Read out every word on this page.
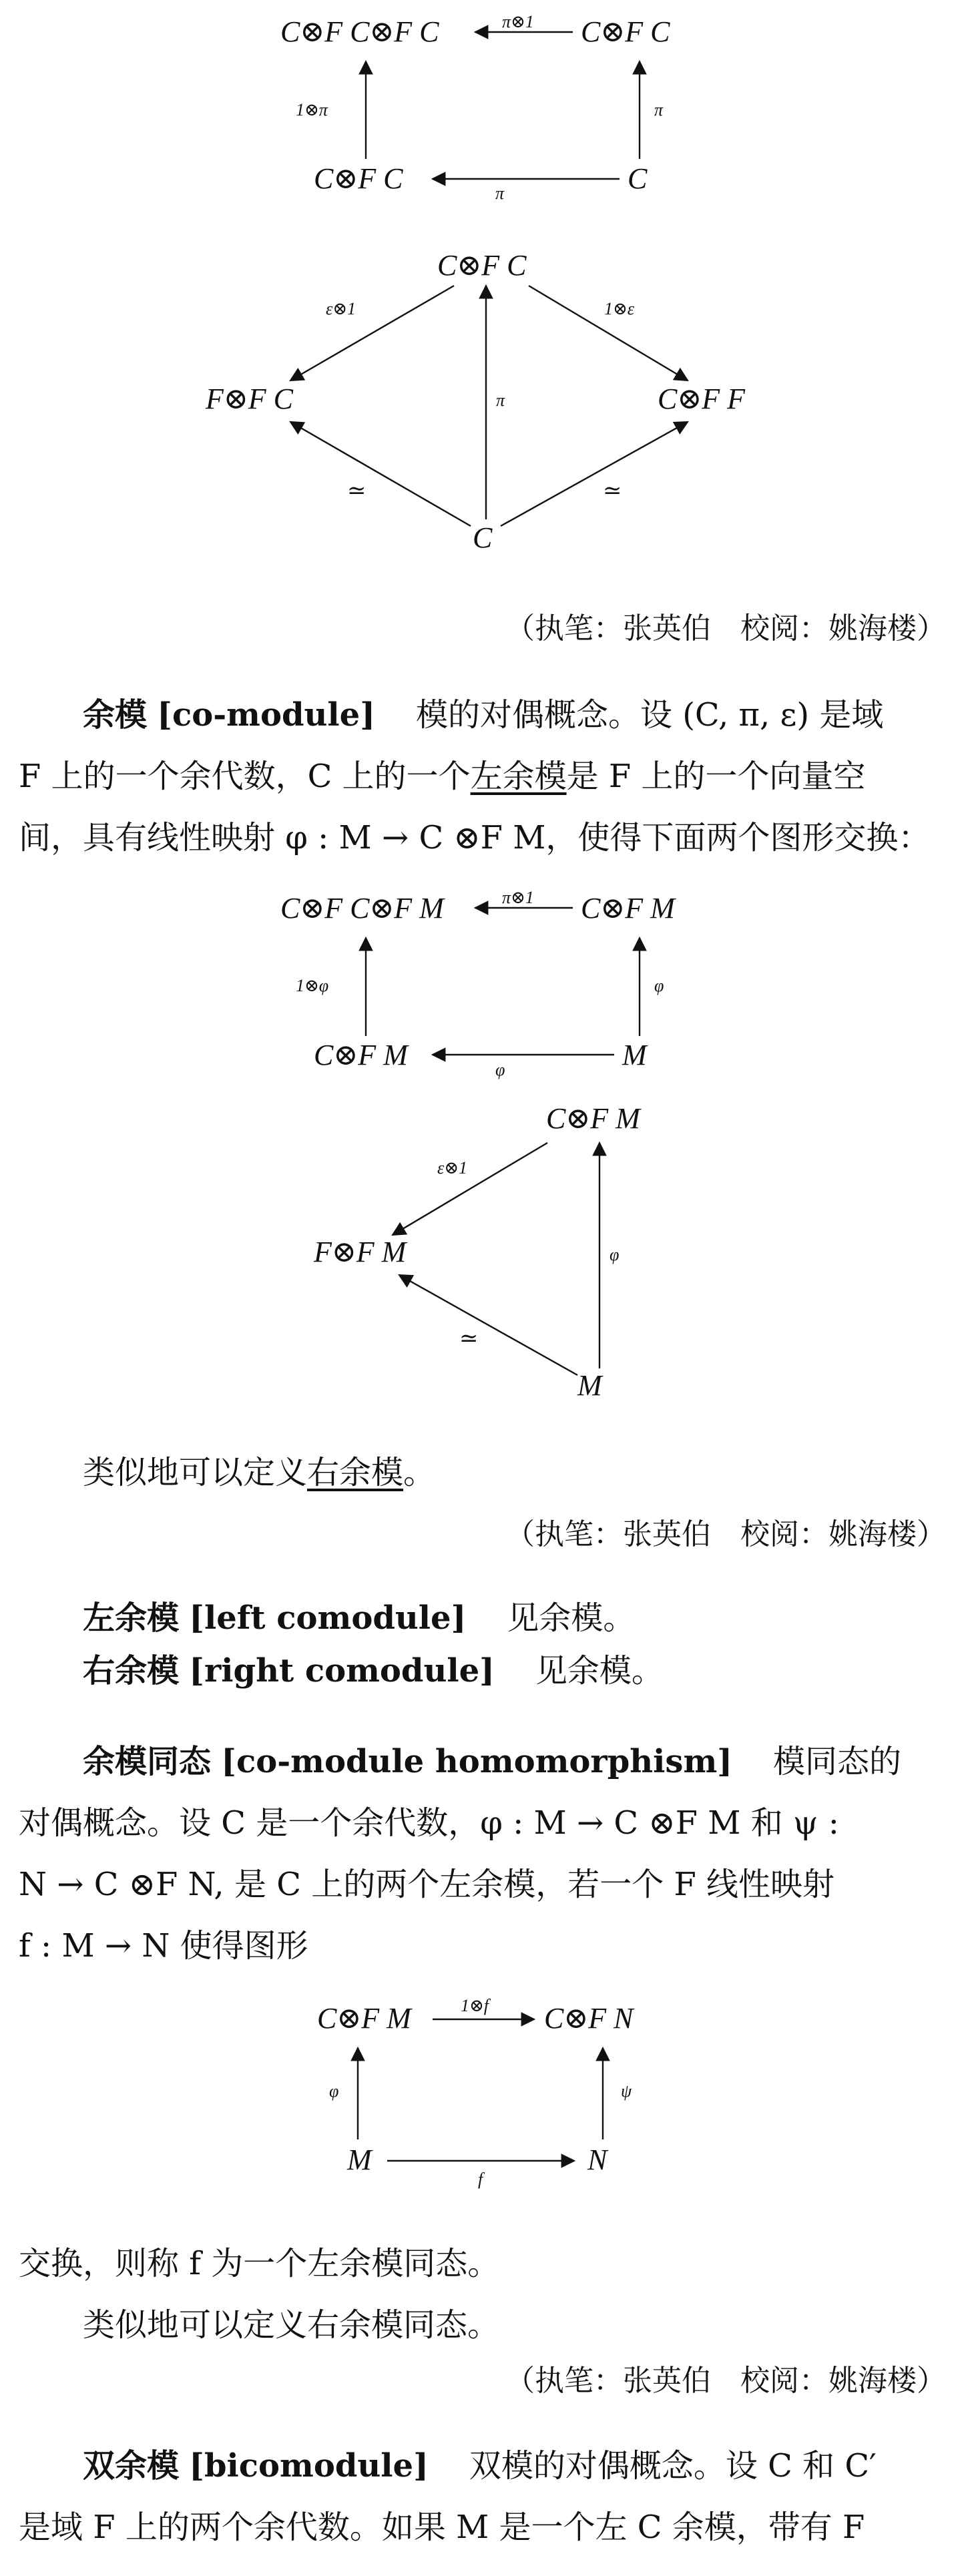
C⊗F C⊗F C	C⊗F C
C⊗F C	C
π⊗1
1⊗π	π
π
C⊗F C
F⊗F C	C⊗F F
C
ε⊗1	1⊗ε
π
≃	≃
（执笔：张英伯　校阅：姚海楼）
余模 [co-module] 模的对偶概念。设 (C, π, ε) 是域
F 上的一个余代数，C 上的一个左余模是 F 上的一个向量空
间，具有线性映射 φ : M → C ⊗F M，使得下面两个图形交换：
C⊗F C⊗F M	C⊗F M
C⊗F M	M
π⊗1
1⊗φ	φ
φ
C⊗F M
F⊗F M
M
ε⊗1
φ
≃
类似地可以定义右余模。
（执笔：张英伯　校阅：姚海楼）
左余模 [left comodule] 见余模。
右余模 [right comodule] 见余模。
余模同态 [co-module homomorphism] 模同态的
对偶概念。设 C 是一个余代数，φ : M → C ⊗F M 和 ψ :
N → C ⊗F N, 是 C 上的两个左余模，若一个 F 线性映射
f : M → N 使得图形
C⊗F M	C⊗F N
M	N
1⊗f
φ	ψ
f
交换，则称 f 为一个左余模同态。
类似地可以定义右余模同态。
（执笔：张英伯　校阅：姚海楼）
双余模 [bicomodule] 双模的对偶概念。设 C 和 C′
是域 F 上的两个余代数。如果 M 是一个左 C 余模，带有 F
